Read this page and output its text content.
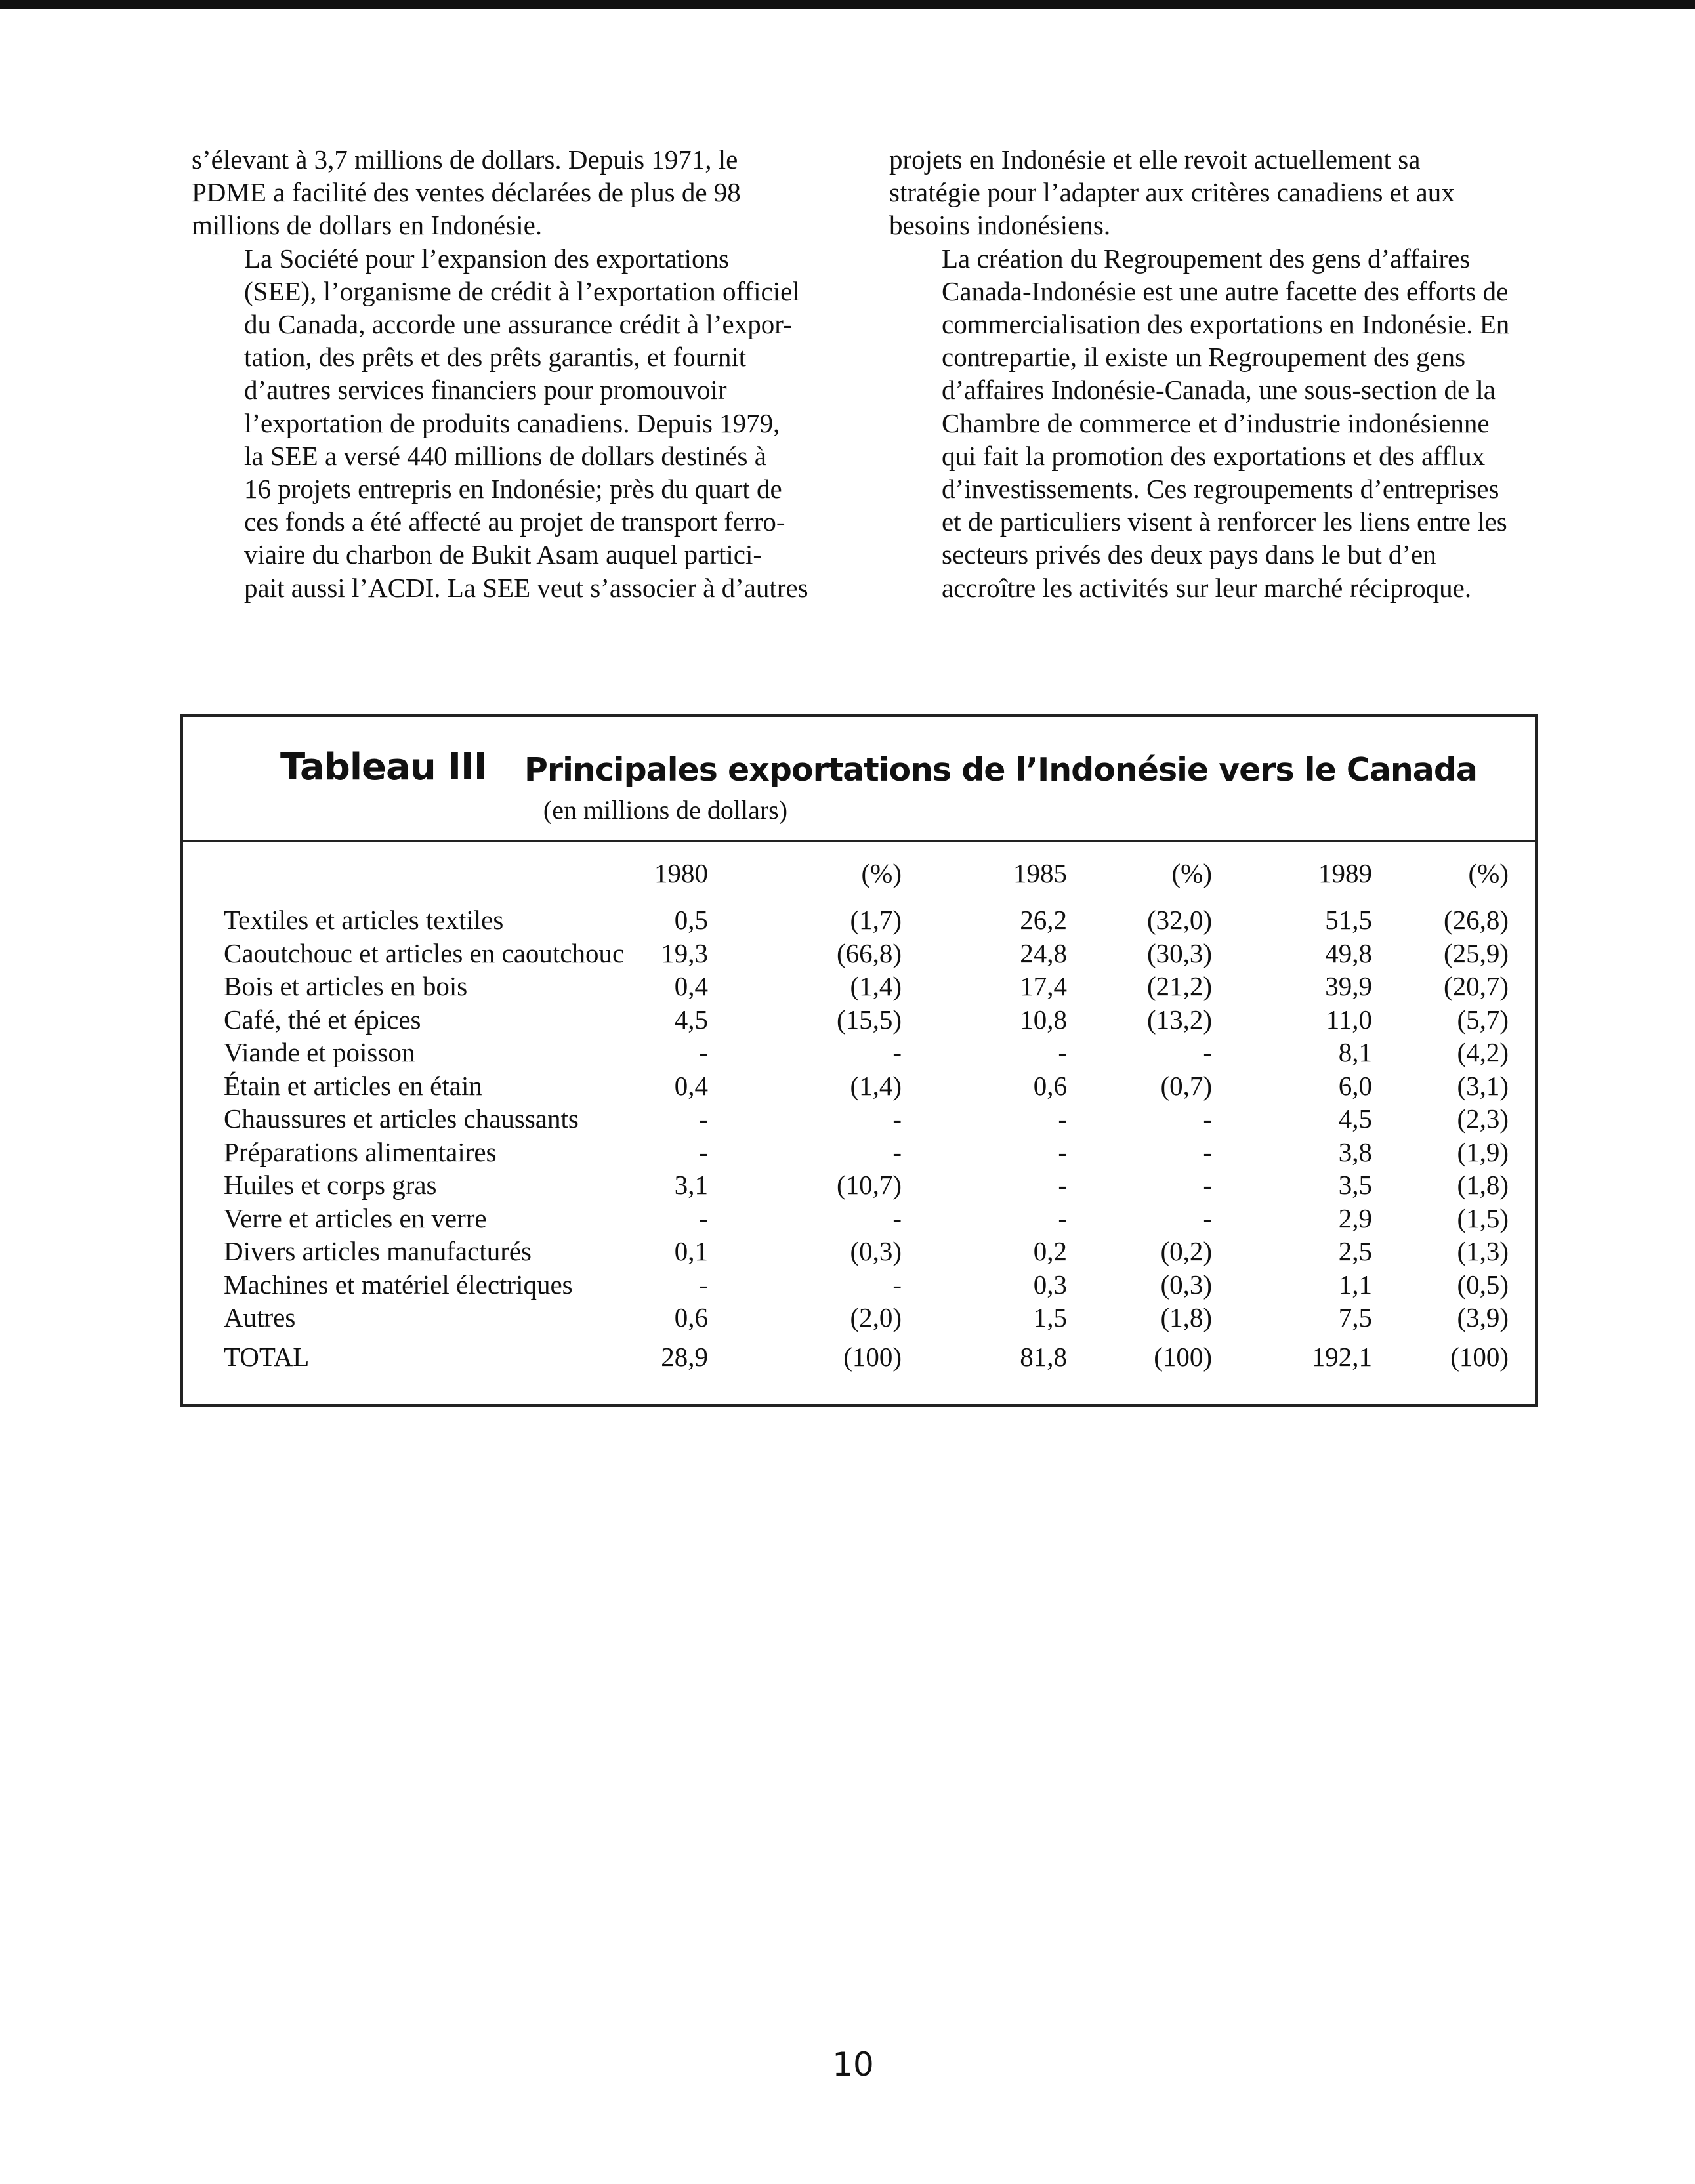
s’élevant à 3,7 millions de dollars. Depuis 1971, le
PDME a facilité des ventes déclarées de plus de 98
millions de dollars en Indonésie.

La Société pour l’expansion des exportations
(SEE), l’organisme de crédit à l’exportation officiel
du Canada, accorde une assurance crédit à l’expor-
tation, des prêts et des prêts garantis, et fournit
d’autres services financiers pour promouvoir
l’exportation de produits canadiens. Depuis 1979,
la SEE a versé 440 millions de dollars destinés à
16 projets entrepris en Indonésie; près du quart de
ces fonds a été affecté au projet de transport ferro-
viaire du charbon de Bukit Asam auquel partici-
pait aussi l’ACDI. La SEE veut s’associer à d’autres

projets en Indonésie et elle revoit actuellement sa
stratégie pour l’adapter aux critères canadiens et aux
besoins indonésiens.

La création du Regroupement des gens d’affaires
Canada-Indonésie est une autre facette des efforts de
commercialisation des exportations en Indonésie. En
contrepartie, il existe un Regroupement des gens
d’affaires Indonésie-Canada, une sous-section de la
Chambre de commerce et d’industrie indonésienne
qui fait la promotion des exportations et des afflux
d’investissements. Ces regroupements d’entreprises
et de particuliers visent à renforcer les liens entre les
secteurs privés des deux pays dans le but d’en
accroître les activités sur leur marché réciproque.

Tableau III Principales exportations de l’Indonésie vers le Canada
(en millions de dollars)
1980	(%)	1985	(%)	1989	(%)
Textiles et articles textiles	0,5	(1,7)	26,2	(32,0)	51,5	(26,8)
Caoutchouc et articles en caoutchouc	19,3	(66,8)	24,8	(30,3)	49,8	(25,9)
Bois et articles en bois	0,4	(1,4)	17,4	(21,2)	39,9	(20,7)
Café, thé et épices	4,5	(15,5)	10,8	(13,2)	11,0	(5,7)
Viande et poisson	-	-	-	-	8,1	(4,2)
Étain et articles en étain	0,4	(1,4)	0,6	(0,7)	6,0	(3,1)
Chaussures et articles chaussants	-	-	-	-	4,5	(2,3)
Préparations alimentaires	-	-	-	-	3,8	(1,9)
Huiles et corps gras	3,1	(10,7)	-	-	3,5	(1,8)
Verre et articles en verre	-	-	-	-	2,9	(1,5)
Divers articles manufacturés	0,1	(0,3)	0,2	(0,2)	2,5	(1,3)
Machines et matériel électriques	-	-	0,3	(0,3)	1,1	(0,5)
Autres	0,6	(2,0)	1,5	(1,8)	7,5	(3,9)
TOTAL	28,9	(100)	81,8	(100)	192,1	(100)
10
